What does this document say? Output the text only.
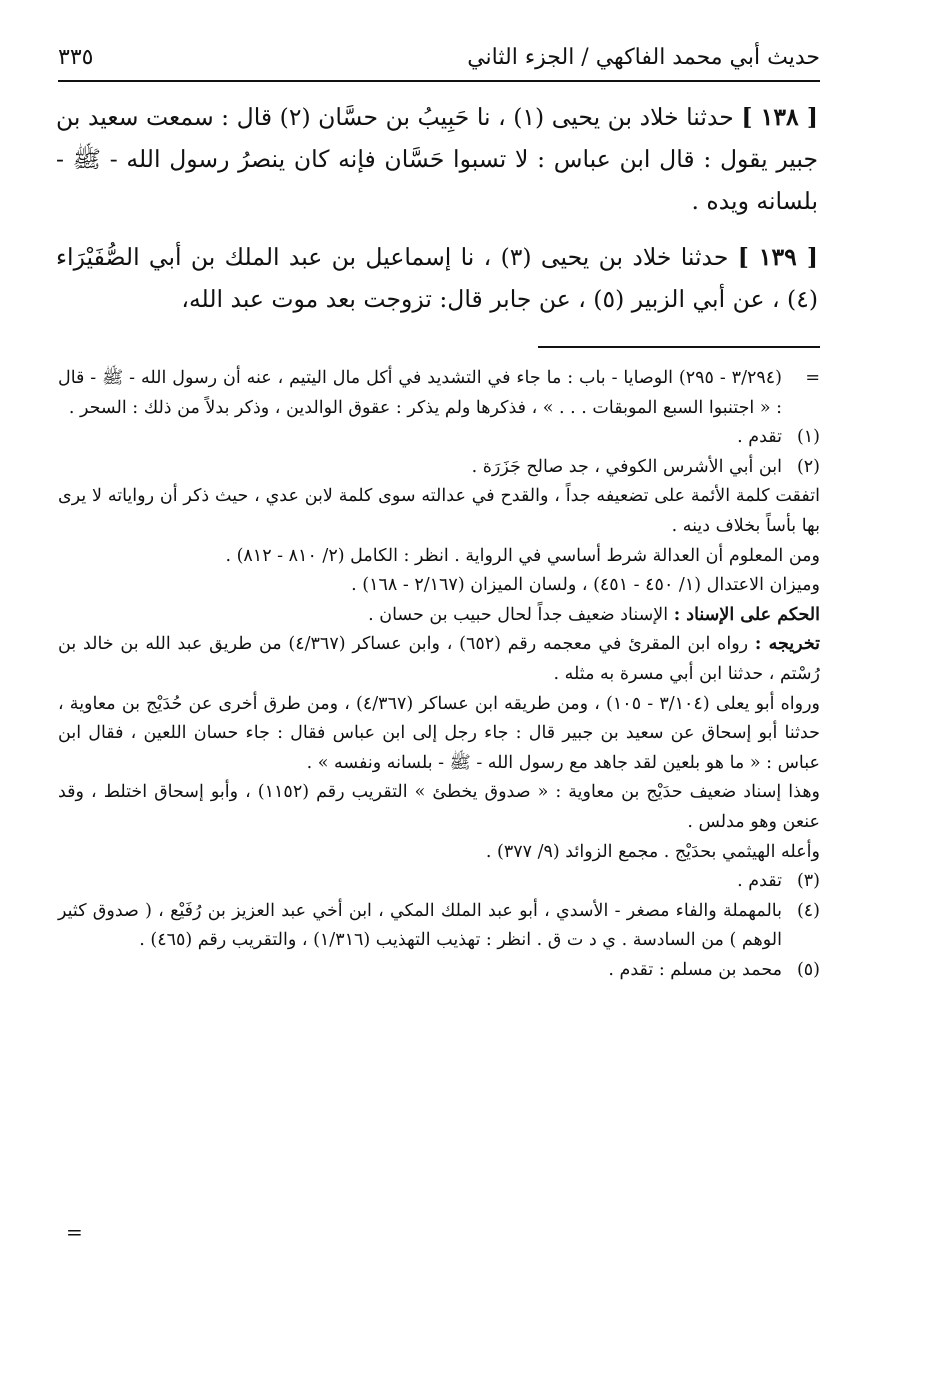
حديث أبي محمد الفاكهي / الجزء الثاني
٣٣٥

[ ١٣٨ ] حدثنا خلاد بن يحيى (١) ، نا حَبِيبُ بن حسَّان (٢) قال : سمعت سعيد بن جبير يقول : قال ابن عباس : لا تسبوا حَسَّان فإنه كان ينصرُ رسول الله - ﷺ - بلسانه ويده .

[ ١٣٩ ] حدثنا خلاد بن يحيى (٣) ، نا إسماعيل بن عبد الملك بن أبي الصُّفَيْرَاء (٤) ، عن أبي الزبير (٥) ، عن جابر قال: تزوجت بعد موت عبد الله،

=
(٣/٢٩٤ - ٢٩٥) الوصايا - باب : ما جاء في التشديد في أكل مال اليتيم ، عنه أن رسول الله - ﷺ - قال : « اجتنبوا السبع الموبقات . . . » ، فذكرها ولم يذكر : عقوق الوالدين ، وذكر بدلاً من ذلك : السحر .

(١)
تقدم .

(٢)
ابن أبي الأشرس الكوفي ، جد صالح جَزَرَة .

اتفقت كلمة الأئمة على تضعيفه جداً ، والقدح في عدالته سوى كلمة لابن عدي ، حيث ذكر أن رواياته لا يرى بها بأساً بخلاف دينه .

ومن المعلوم أن العدالة شرط أساسي في الرواية . انظر : الكامل (٢/ ٨١٠ - ٨١٢) .

وميزان الاعتدال (١/ ٤٥٠ - ٤٥١) ، ولسان الميزان (٢/١٦٧ - ١٦٨) .

الحكم على الإسناد : الإسناد ضعيف جداً لحال حبيب بن حسان .

تخريجه : رواه ابن المقرئ في معجمه رقم (٦٥٢) ، وابن عساكر (٤/٣٦٧) من طريق عبد الله بن خالد بن رُسْتم ، حدثنا ابن أبي مسرة به مثله .

ورواه أبو يعلى (٣/١٠٤ - ١٠٥) ، ومن طريقه ابن عساكر (٤/٣٦٧) ، ومن طرق أخرى عن حُدَيْج بن معاوية ، حدثنا أبو إسحاق عن سعيد بن جبير قال : جاء رجل إلى ابن عباس فقال : جاء حسان اللعين ، فقال ابن عباس : « ما هو بلعين لقد جاهد مع رسول الله - ﷺ - بلسانه ونفسه » .

وهذا إسناد ضعيف حدَيْج بن معاوية : « صدوق يخطئ » التقريب رقم (١١٥٢) ، وأبو إسحاق اختلط ، وقد عنعن وهو مدلس .

وأعله الهيثمي بحدَيْج . مجمع الزوائد (٩/ ٣٧٧) .

(٣)
تقدم .

(٤)
بالمهملة والفاء مصغر - الأسدي ، أبو عبد الملك المكي ، ابن أخي عبد العزيز بن رُفَيْع ، ( صدوق كثير الوهم ) من السادسة . ي د ت ق . انظر : تهذيب التهذيب (١/٣١٦) ، والتقريب رقم (٤٦٥) .

(٥)
محمد بن مسلم : تقدم .

=
